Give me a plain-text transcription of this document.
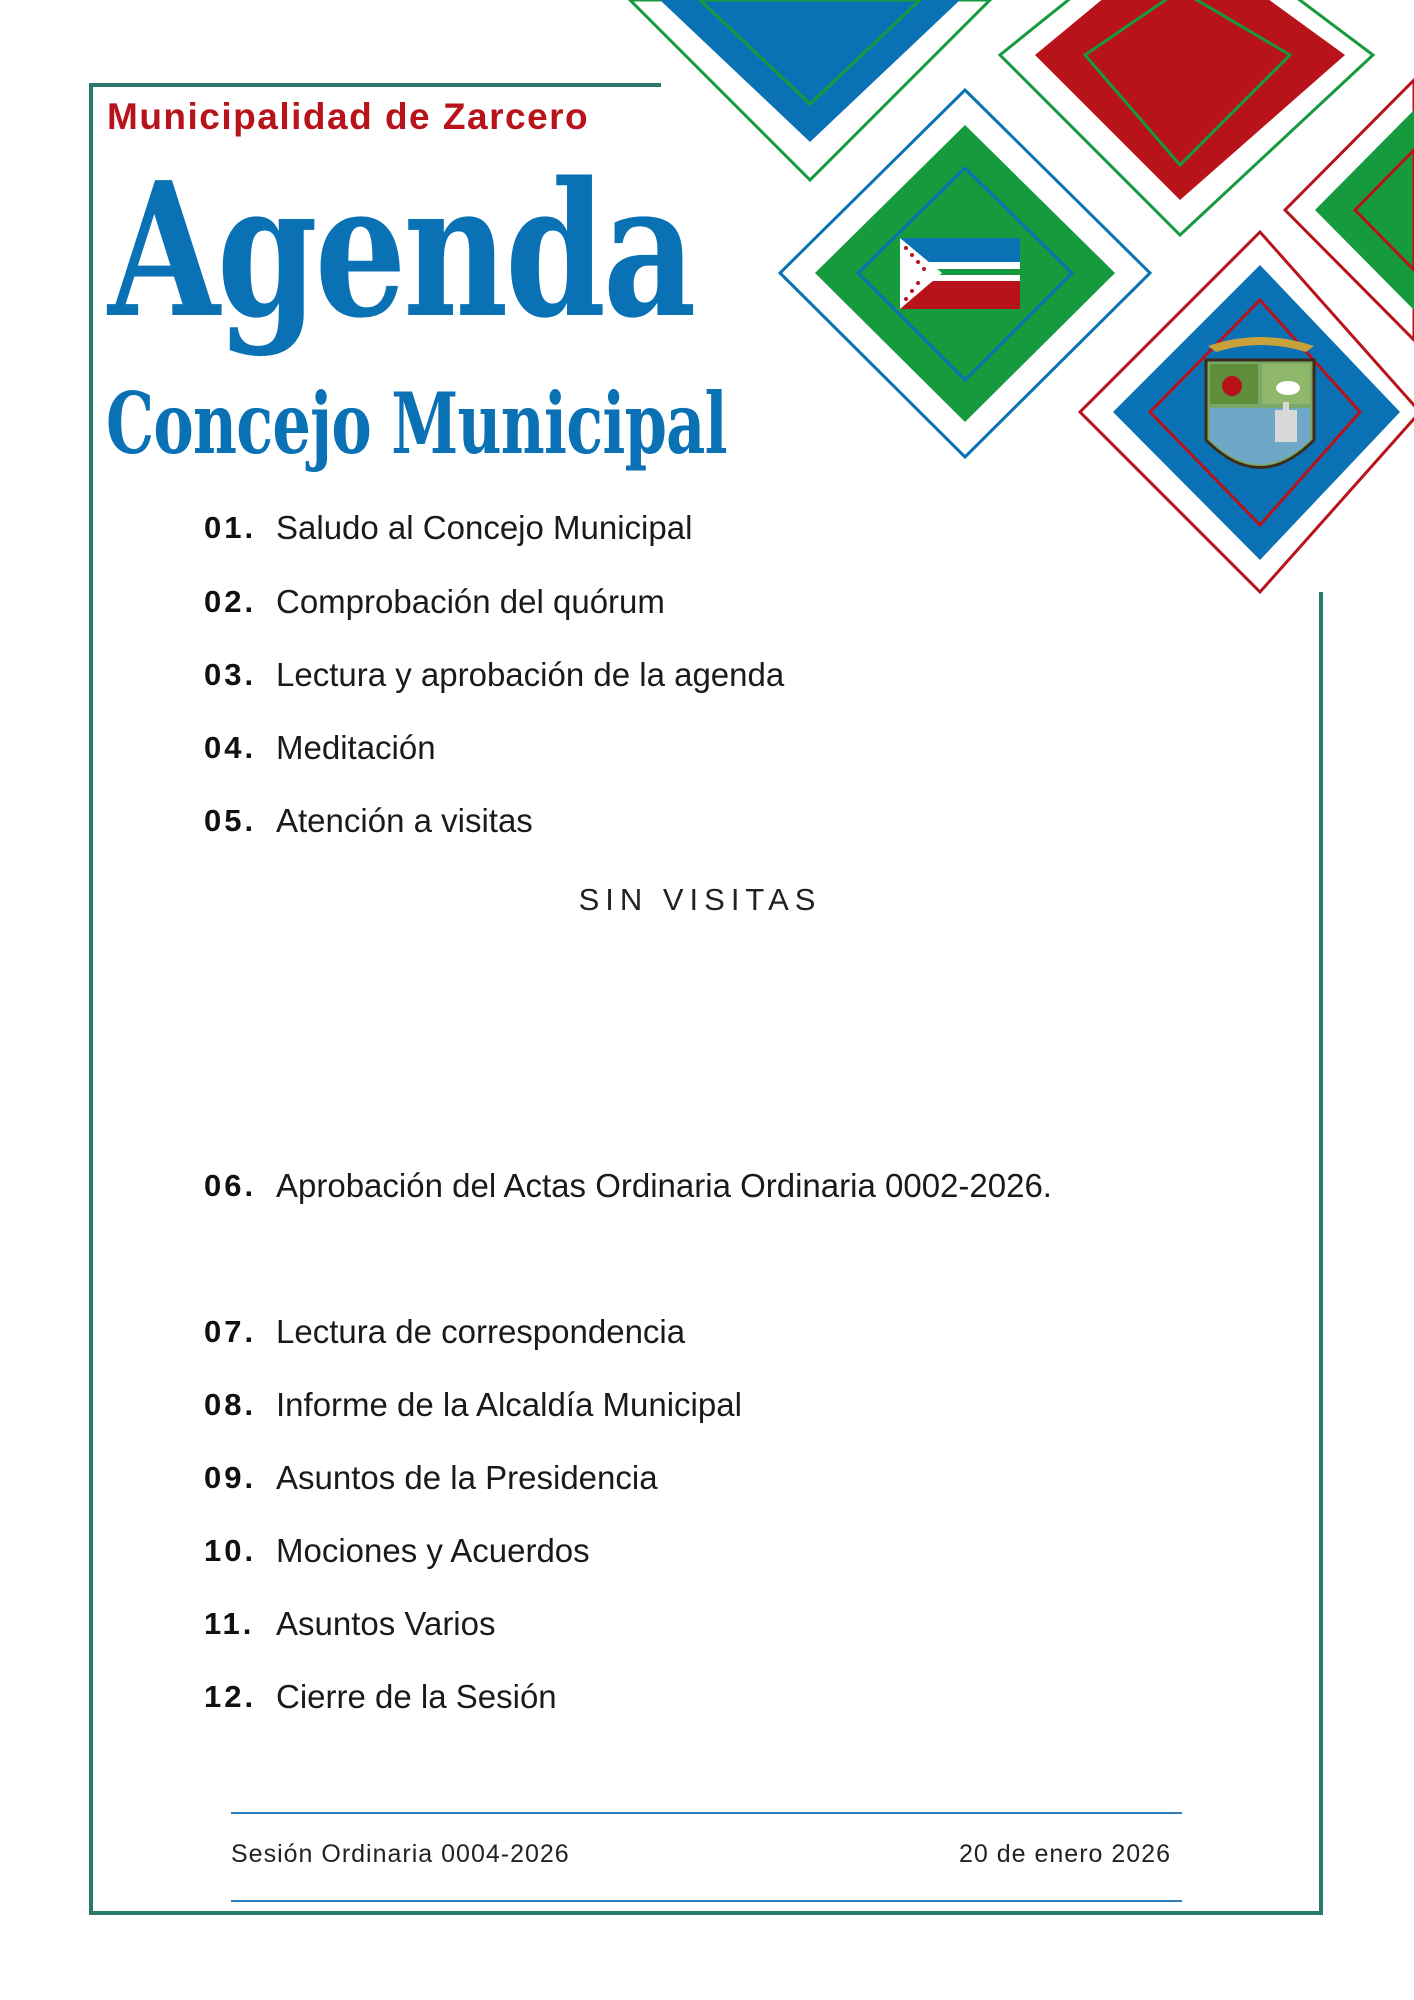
Municipalidad de Zarcero
Agenda
Concejo Municipal
01. Saludo al Concejo Municipal
02. Comprobación del quórum
03. Lectura y aprobación de la agenda
04. Meditación
05. Atención a visitas

SIN VISITAS

06. Aprobación del Actas Ordinaria Ordinaria 0002-2026.
07. Lectura de correspondencia
08. Informe de la Alcaldía Municipal
09. Asuntos de la Presidencia
10. Mociones y Acuerdos
11. Asuntos Varios
12. Cierre de la Sesión
Sesión Ordinaria 0004-2026	20 de enero 2026
